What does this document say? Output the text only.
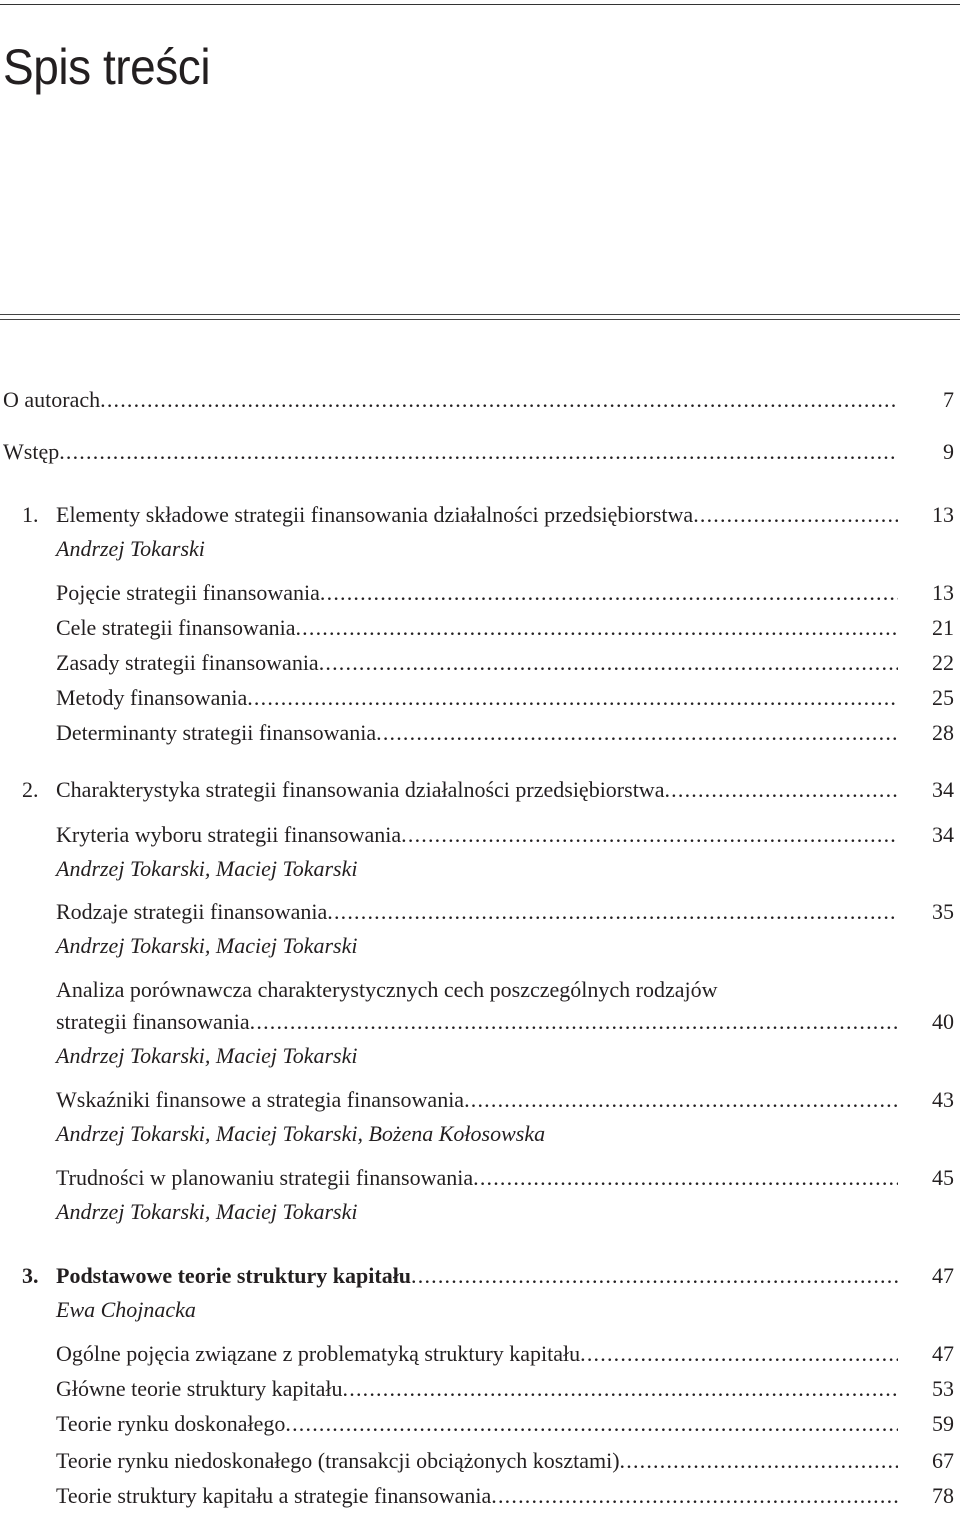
Spis treści
O autorach .....	7
Wstęp .....	9
1. Elementy składowe strategii finansowania działalności przedsiębiorstwa .....	13
Andrzej Tokarski
Pojęcie strategii finansowania .....	13
Cele strategii finansowania .....	21
Zasady strategii finansowania .....	22
Metody finansowania .....	25
Determinanty strategii finansowania .....	28
2. Charakterystyka strategii finansowania działalności przedsiębiorstwa .....	34
Kryteria wyboru strategii finansowania .....	34
Andrzej Tokarski, Maciej Tokarski
Rodzaje strategii finansowania .....	35
Andrzej Tokarski, Maciej Tokarski
Analiza porównawcza charakterystycznych cech poszczególnych rodzajów
strategii finansowania .....	40
Andrzej Tokarski, Maciej Tokarski
Wskaźniki finansowe a strategia finansowania .....	43
Andrzej Tokarski, Maciej Tokarski, Bożena Kołosowska
Trudności w planowaniu strategii finansowania .....	45
Andrzej Tokarski, Maciej Tokarski
3. Podstawowe teorie struktury kapitału .....	47
Ewa Chojnacka
Ogólne pojęcia związane z problematyką struktury kapitału .....	47
Główne teorie struktury kapitału .....	53
Teorie rynku doskonałego .....	59
Teorie rynku niedoskonałego (transakcji obciążonych kosztami) .....	67
Teorie struktury kapitału a strategie finansowania .....	78
